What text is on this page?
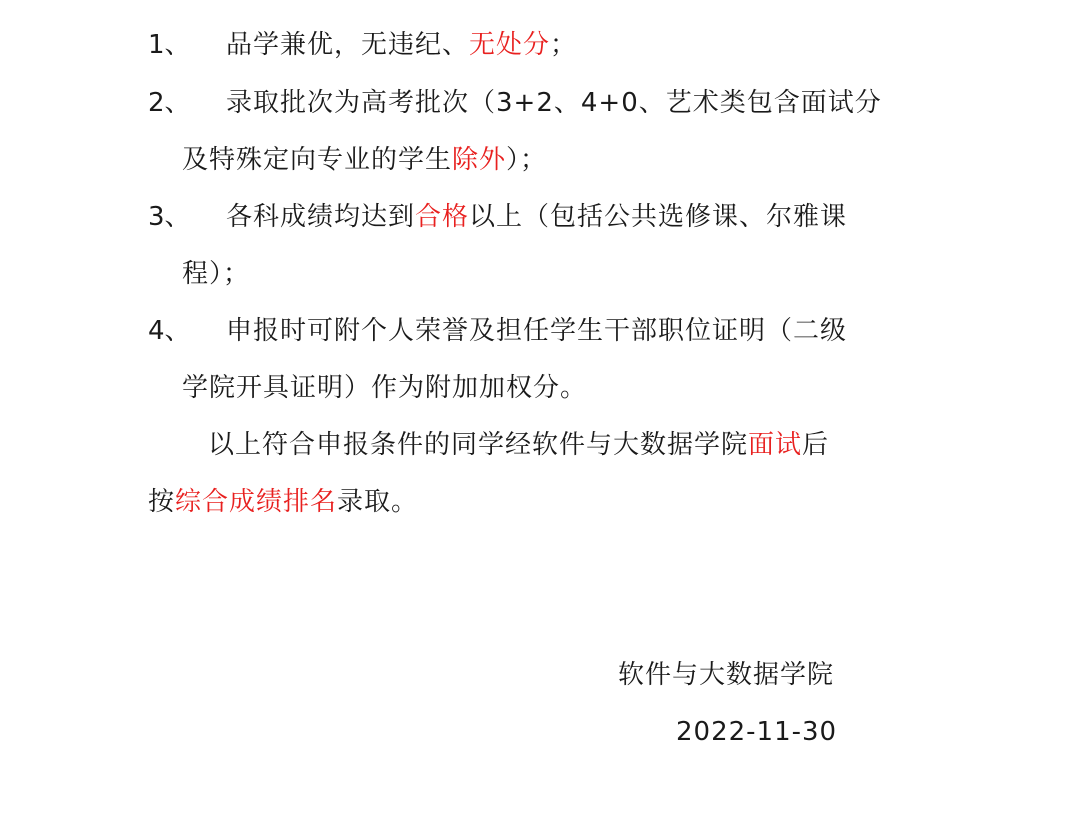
1、 品学兼优，无违纪、无处分；
2、 录取批次为高考批次（3+2、4+0、艺术类包含面试分
及特殊定向专业的学生除外）；
3、 各科成绩均达到合格以上（包括公共选修课、尔雅课
程）；
4、 申报时可附个人荣誉及担任学生干部职位证明（二级
学院开具证明）作为附加加权分。
以上符合申报条件的同学经软件与大数据学院面试后
按综合成绩排名录取。
软件与大数据学院
2022-11-30
